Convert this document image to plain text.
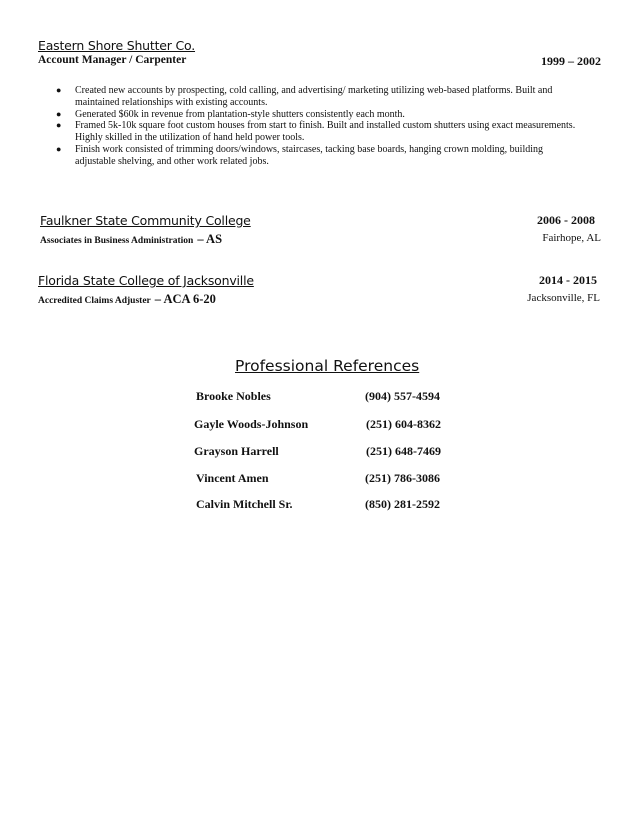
Eastern Shore Shutter Co.
Account Manager / Carpenter	1999 – 2002
● Created new accounts by prospecting, cold calling, and advertising/ marketing utilizing web-based platforms. Built and maintained relationships with existing accounts.
● Generated $60k in revenue from plantation-style shutters consistently each month.
● Framed 5k-10k square foot custom houses from start to finish. Built and installed custom shutters using exact measurements. Highly skilled in the utilization of hand held power tools.
● Finish work consisted of trimming doors/windows, staircases, tacking base boards, hanging crown molding, building adjustable shelving, and other work related jobs.
Faulkner State Community College	2006 - 2008
Associates in Business Administration – AS	Fairhope, AL
Florida State College of Jacksonville	2014 - 2015
Accredited Claims Adjuster – ACA 6-20	Jacksonville, FL
Professional References
Brooke Nobles	(904) 557-4594
Gayle Woods-Johnson	(251) 604-8362
Grayson Harrell	(251) 648-7469
Vincent Amen	(251) 786-3086
Calvin Mitchell Sr.	(850) 281-2592
